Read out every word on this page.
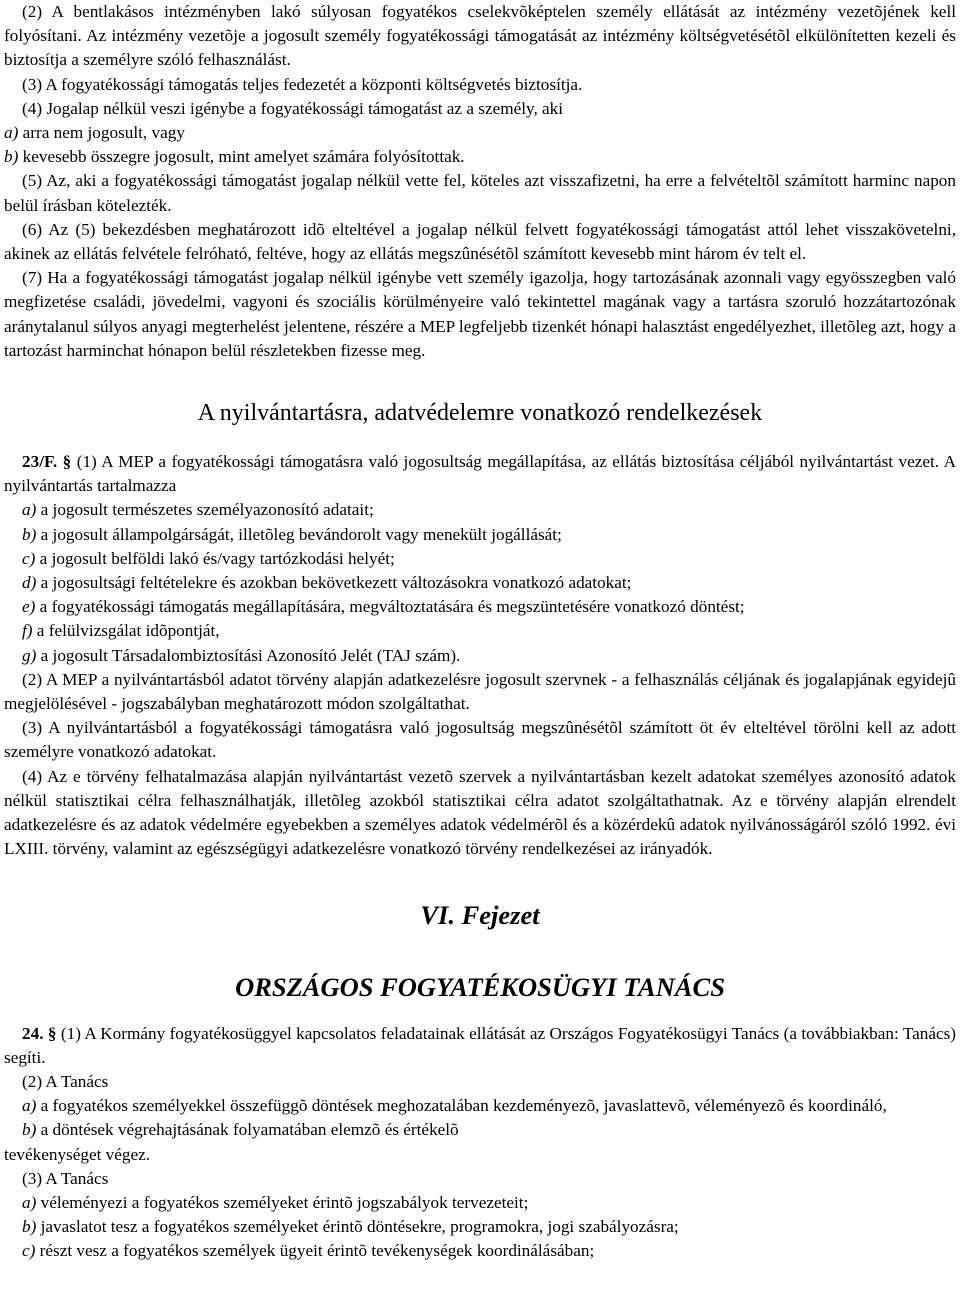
(2) A bentlakásos intézményben lakó súlyosan fogyatékos cselekvõképtelen személy ellátását az intézmény vezetõjének kell folyósítani. Az intézmény vezetõje a jogosult személy fogyatékossági támogatását az intézmény költségvetésétõl elkülönítetten kezeli és biztosítja a személyre szóló felhasználást.

(3) A fogyatékossági támogatás teljes fedezetét a központi költségvetés biztosítja.

(4) Jogalap nélkül veszi igénybe a fogyatékossági támogatást az a személy, aki

a) arra nem jogosult, vagy

b) kevesebb összegre jogosult, mint amelyet számára folyósítottak.

(5) Az, aki a fogyatékossági támogatást jogalap nélkül vette fel, köteles azt visszafizetni, ha erre a felvételtõl számított harminc napon belül írásban kötelezték.

(6) Az (5) bekezdésben meghatározott idõ elteltével a jogalap nélkül felvett fogyatékossági támogatást attól lehet visszakövetelni, akinek az ellátás felvétele felróható, feltéve, hogy az ellátás megszûnésétõl számított kevesebb mint három év telt el.

(7) Ha a fogyatékossági támogatást jogalap nélkül igénybe vett személy igazolja, hogy tartozásának azonnali vagy egyösszegben való megfizetése családi, jövedelmi, vagyoni és szociális körülményeire való tekintettel magának vagy a tartásra szoruló hozzátartozónak aránytalanul súlyos anyagi megterhelést jelentene, részére a MEP legfeljebb tizenkét hónapi halasztást engedélyezhet, illetõleg azt, hogy a tartozást harminchat hónapon belül részletekben fizesse meg.

A nyilvántartásra, adatvédelemre vonatkozó rendelkezések

23/F. § (1) A MEP a fogyatékossági támogatásra való jogosultság megállapítása, az ellátás biztosítása céljából nyilvántartást vezet. A nyilvántartás tartalmazza

a) a jogosult természetes személyazonosító adatait;

b) a jogosult állampolgárságát, illetõleg bevándorolt vagy menekült jogállását;

c) a jogosult belföldi lakó és/vagy tartózkodási helyét;

d) a jogosultsági feltételekre és azokban bekövetkezett változásokra vonatkozó adatokat;

e) a fogyatékossági támogatás megállapítására, megváltoztatására és megszüntetésére vonatkozó döntést;

f) a felülvizsgálat idõpontját,

g) a jogosult Társadalombiztosítási Azonosító Jelét (TAJ szám).

(2) A MEP a nyilvántartásból adatot törvény alapján adatkezelésre jogosult szervnek - a felhasználás céljának és jogalapjának egyidejû megjelölésével - jogszabályban meghatározott módon szolgáltathat.

(3) A nyilvántartásból a fogyatékossági támogatásra való jogosultság megszûnésétõl számított öt év elteltével törölni kell az adott személyre vonatkozó adatokat.

(4) Az e törvény felhatalmazása alapján nyilvántartást vezetõ szervek a nyilvántartásban kezelt adatokat személyes azonosító adatok nélkül statisztikai célra felhasználhatják, illetõleg azokból statisztikai célra adatot szolgáltathatnak. Az e törvény alapján elrendelt adatkezelésre és az adatok védelmére egyebekben a személyes adatok védelmérõl és a közérdekû adatok nyilvánosságáról szóló 1992. évi LXIII. törvény, valamint az egészségügyi adatkezelésre vonatkozó törvény rendelkezései az irányadók.

VI. Fejezet
ORSZÁGOS FOGYATÉKOSÜGYI TANÁCS

24. § (1) A Kormány fogyatékosüggyel kapcsolatos feladatainak ellátását az Országos Fogyatékosügyi Tanács (a továbbiakban: Tanács) segíti.

(2) A Tanács

a) a fogyatékos személyekkel összefüggõ döntések meghozatalában kezdeményezõ, javaslattevõ, véleményezõ és koordináló,

b) a döntések végrehajtásának folyamatában elemzõ és értékelõ

tevékenységet végez.

(3) A Tanács

a) véleményezi a fogyatékos személyeket érintõ jogszabályok tervezeteit;

b) javaslatot tesz a fogyatékos személyeket érintõ döntésekre, programokra, jogi szabályozásra;

c) részt vesz a fogyatékos személyek ügyeit érintõ tevékenységek koordinálásában;
